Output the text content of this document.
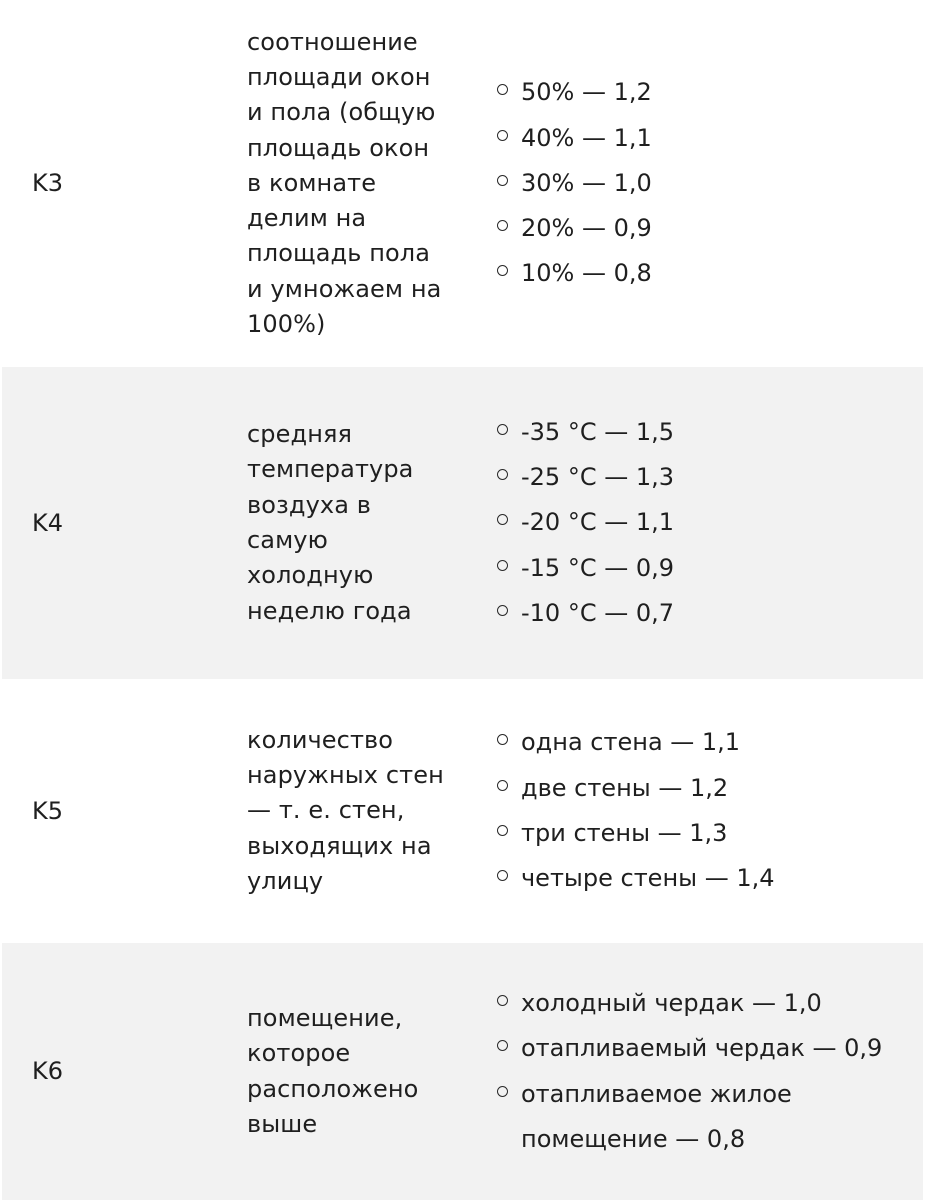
K3
соотношение
площади окон
и пола (общую
площадь окон
в комнате
делим на
площадь пола
и умножаем на
100%)
50% — 1,2
40% — 1,1
30% — 1,0
20% — 0,9
10% — 0,8
K4
средняя
температура
воздуха в
самую
холодную
неделю года
-35 °С — 1,5
-25 °С — 1,3
-20 °С — 1,1
-15 °С — 0,9
-10 °С — 0,7
K5
количество
наружных стен
— т. е. стен,
выходящих на
улицу
одна стена — 1,1
две стены — 1,2
три стены — 1,3
четыре стены — 1,4
K6
помещение,
которое
расположено
выше
холодный чердак — 1,0
отапливаемый чердак — 0,9
отапливаемое жилое
помещение — 0,8
